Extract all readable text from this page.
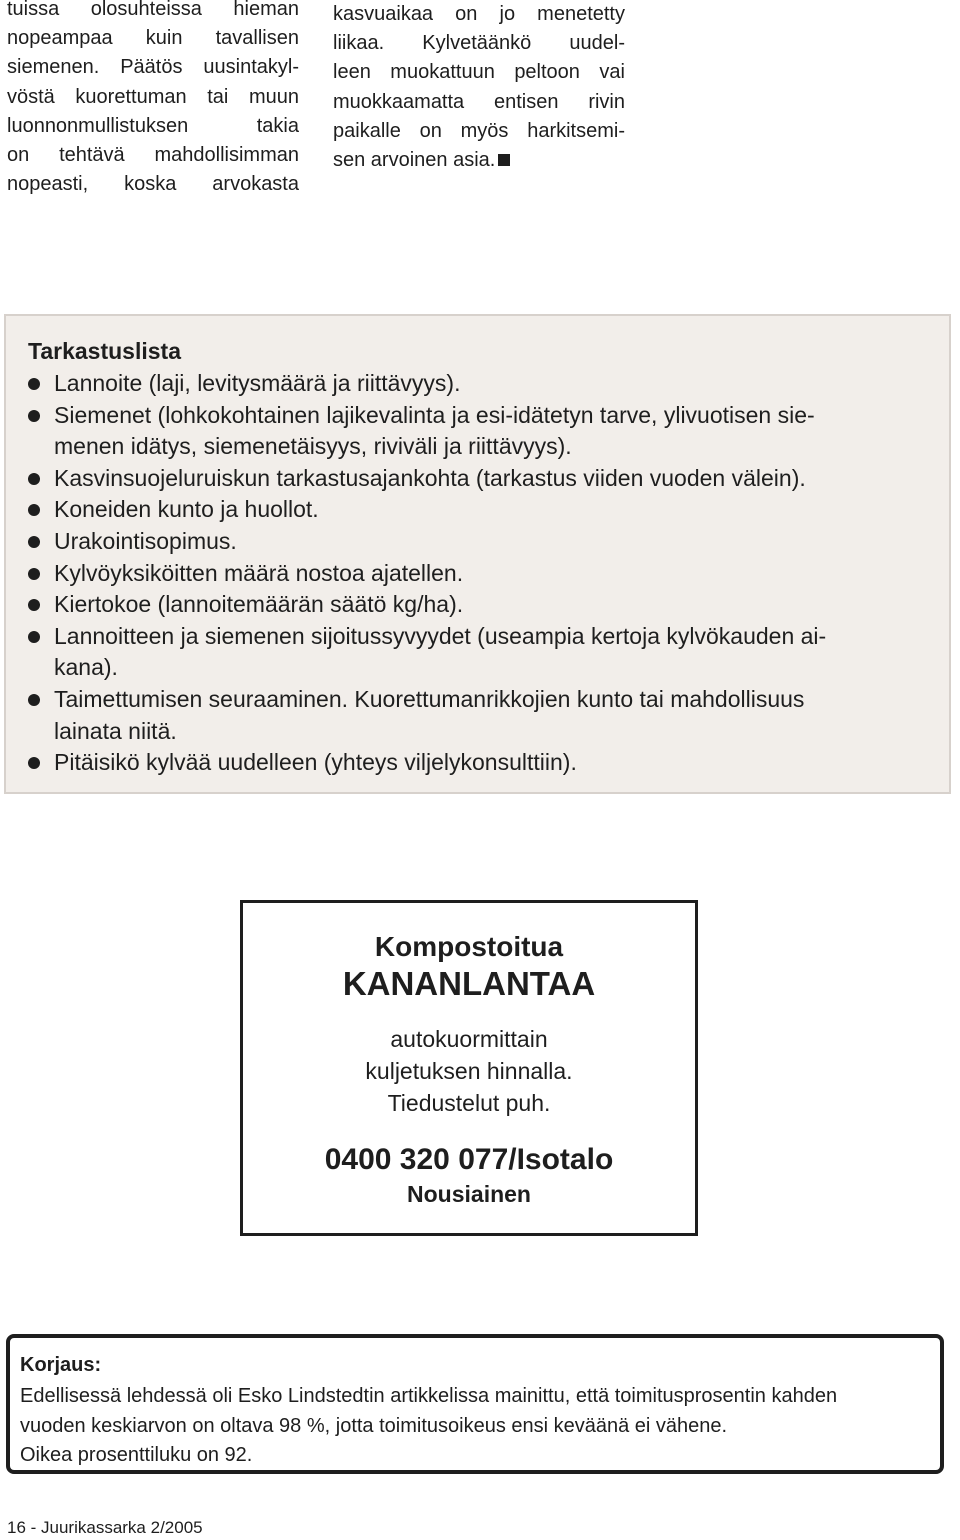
tuissa olosuhteissa hieman
nopeampaa kuin tavallisen
siemenen. Päätös uusintakyl-
vöstä kuorettuman tai muun
luonnonmullistuksen takia
on tehtävä mahdollisimman
nopeasti, koska arvokasta
kasvuaikaa on jo menetetty
liikaa. Kylvetäänkö uudel-
leen muokattuun peltoon vai
muokkaamatta entisen rivin
paikalle on myös harkitsemi-
sen arvoinen asia.
Tarkastuslista
Lannoite (laji, levitysmäärä ja riittävyys).
Siemenet (lohkokohtainen lajikevalinta ja esi-idätetyn tarve, ylivuotisen sie-
menen idätys, siemenetäisyys, riviväli ja riittävyys).
Kasvinsuojeluruiskun tarkastusajankohta (tarkastus viiden vuoden välein).
Koneiden kunto ja huollot.
Urakointisopimus.
Kylvöyksiköitten määrä nostoa ajatellen.
Kiertokoe (lannoitemäärän säätö kg/ha).
Lannoitteen ja siemenen sijoitussyvyydet (useampia kertoja kylvökauden ai-
kana).
Taimettumisen seuraaminen. Kuorettumanrikkojien kunto tai mahdollisuus
lainata niitä.
Pitäisikö kylvää uudelleen (yhteys viljelykonsulttiin).
Kompostoitua
KANANLANTAA
autokuormittain
kuljetuksen hinnalla.
Tiedustelut puh.
0400 320 077/Isotalo
Nousiainen
Korjaus:
Edellisessä lehdessä oli Esko Lindstedtin artikkelissa mainittu, että toimitusprosentin kahden
vuoden keskiarvon on oltava 98 %, jotta toimitusoikeus ensi keväänä ei vähene.
Oikea prosenttiluku on 92.
16 - Juurikassarka 2/2005
